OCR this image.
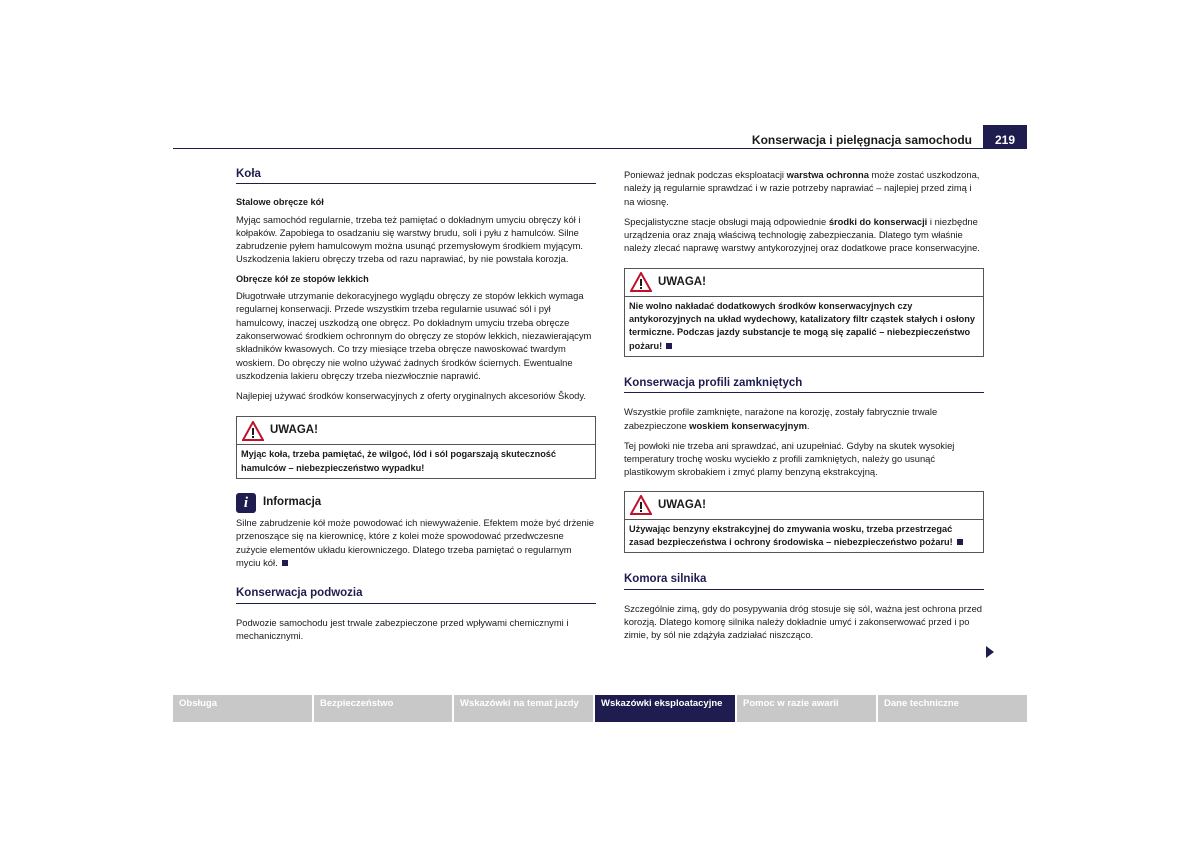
Konserwacja i pielęgnacja samochodu	219
Koła
Stalowe obręcze kół

Myjąc samochód regularnie, trzeba też pamiętać o dokładnym umyciu obręczy kół i kołpaków. Zapobiega to osadzaniu się warstwy brudu, soli i pyłu z hamulców. Silne zabrudzenie pyłem hamulcowym można usunąć przemysłowym środkiem myjącym. Uszkodzenia lakieru obręczy trzeba od razu naprawiać, by nie powstała korozja.

Obręcze kół ze stopów lekkich

Długotrwałe utrzymanie dekoracyjnego wyglądu obręczy ze stopów lekkich wymaga regularnej konserwacji. Przede wszystkim trzeba regularnie usuwać sól i pył hamulcowy, inaczej uszkodzą one obręcz. Po dokładnym umyciu trzeba obręcze zakonserwować środkiem ochronnym do obręczy ze stopów lekkich, niezawierającym składników kwasowych. Co trzy miesiące trzeba obręcze nawoskować twardym woskiem. Do obręczy nie wolno używać żadnych środków ściernych. Ewentualne uszkodzenia lakieru obręczy trzeba niezwłocznie naprawić.

Najlepiej używać środków konserwacyjnych z oferty oryginalnych akcesoriów Škody.

UWAGA!
Myjąc koła, trzeba pamiętać, że wilgoć, lód i sól pogarszają skuteczność hamulców – niebezpieczeństwo wypadku!
i	Informacja

Silne zabrudzenie kół może powodować ich niewyważenie. Efektem może być drżenie przenoszące się na kierownicę, które z kolei może spowodować przedwczesne zużycie elementów układu kierowniczego. Dlatego trzeba pamiętać o regularnym myciu kół.

Konserwacja podwozia

Podwozie samochodu jest trwale zabezpieczone przed wpływami chemicznymi i mechanicznymi.

Ponieważ jednak podczas eksploatacji warstwa ochronna może zostać uszkodzona, należy ją regularnie sprawdzać i w razie potrzeby naprawiać – najlepiej przed zimą i na wiosnę.

Specjalistyczne stacje obsługi mają odpowiednie środki do konserwacji i niezbędne urządzenia oraz znają właściwą technologię zabezpieczania. Dlatego tym właśnie należy zlecać naprawę warstwy antykorozyjnej oraz dodatkowe prace konserwacyjne.

UWAGA!
Nie wolno nakładać dodatkowych środków konserwacyjnych czy antykorozyjnych na układ wydechowy, katalizatory filtr cząstek stałych i osłony termiczne. Podczas jazdy substancje te mogą się zapalić – niebezpieczeństwo pożaru!
Konserwacja profili zamkniętych

Wszystkie profile zamknięte, narażone na korozję, zostały fabrycznie trwale zabezpieczone woskiem konserwacyjnym.

Tej powłoki nie trzeba ani sprawdzać, ani uzupełniać. Gdyby na skutek wysokiej temperatury trochę wosku wyciekło z profili zamkniętych, należy go usunąć plastikowym skrobakiem i zmyć plamy benzyną ekstrakcyjną.

UWAGA!
Używając benzyny ekstrakcyjnej do zmywania wosku, trzeba przestrzegać zasad bezpieczeństwa i ochrony środowiska – niebezpieczeństwo pożaru!
Komora silnika

Szczególnie zimą, gdy do posypywania dróg stosuje się sól, ważna jest ochrona przed korozją. Dlatego komorę silnika należy dokładnie umyć i zakonserwować przed i po zimie, by sól nie zdążyła zadziałać niszcząco.

Obsługa	Bezpieczeństwo	Wskazówki na temat jazdy	Wskazówki eksploatacyjne	Pomoc w razie awarii	Dane techniczne
